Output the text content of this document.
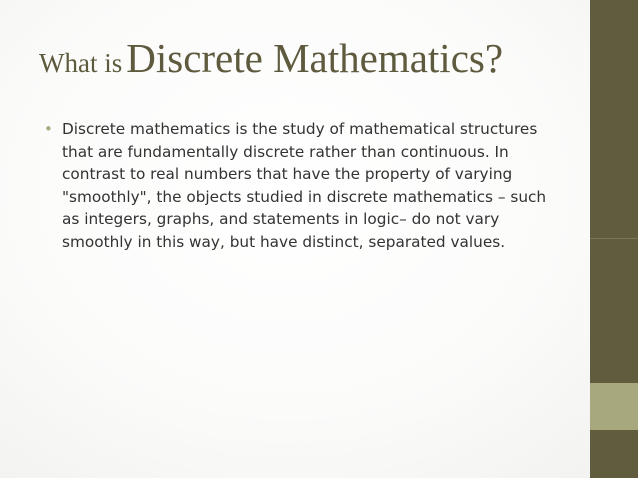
What is Discrete Mathematics?
• Discrete mathematics is the study of mathematical structures that are fundamentally discrete rather than continuous. In contrast to real numbers that have the property of varying "smoothly", the objects studied in discrete mathematics – such as integers, graphs, and statements in logic– do not vary smoothly in this way, but have distinct, separated values.
